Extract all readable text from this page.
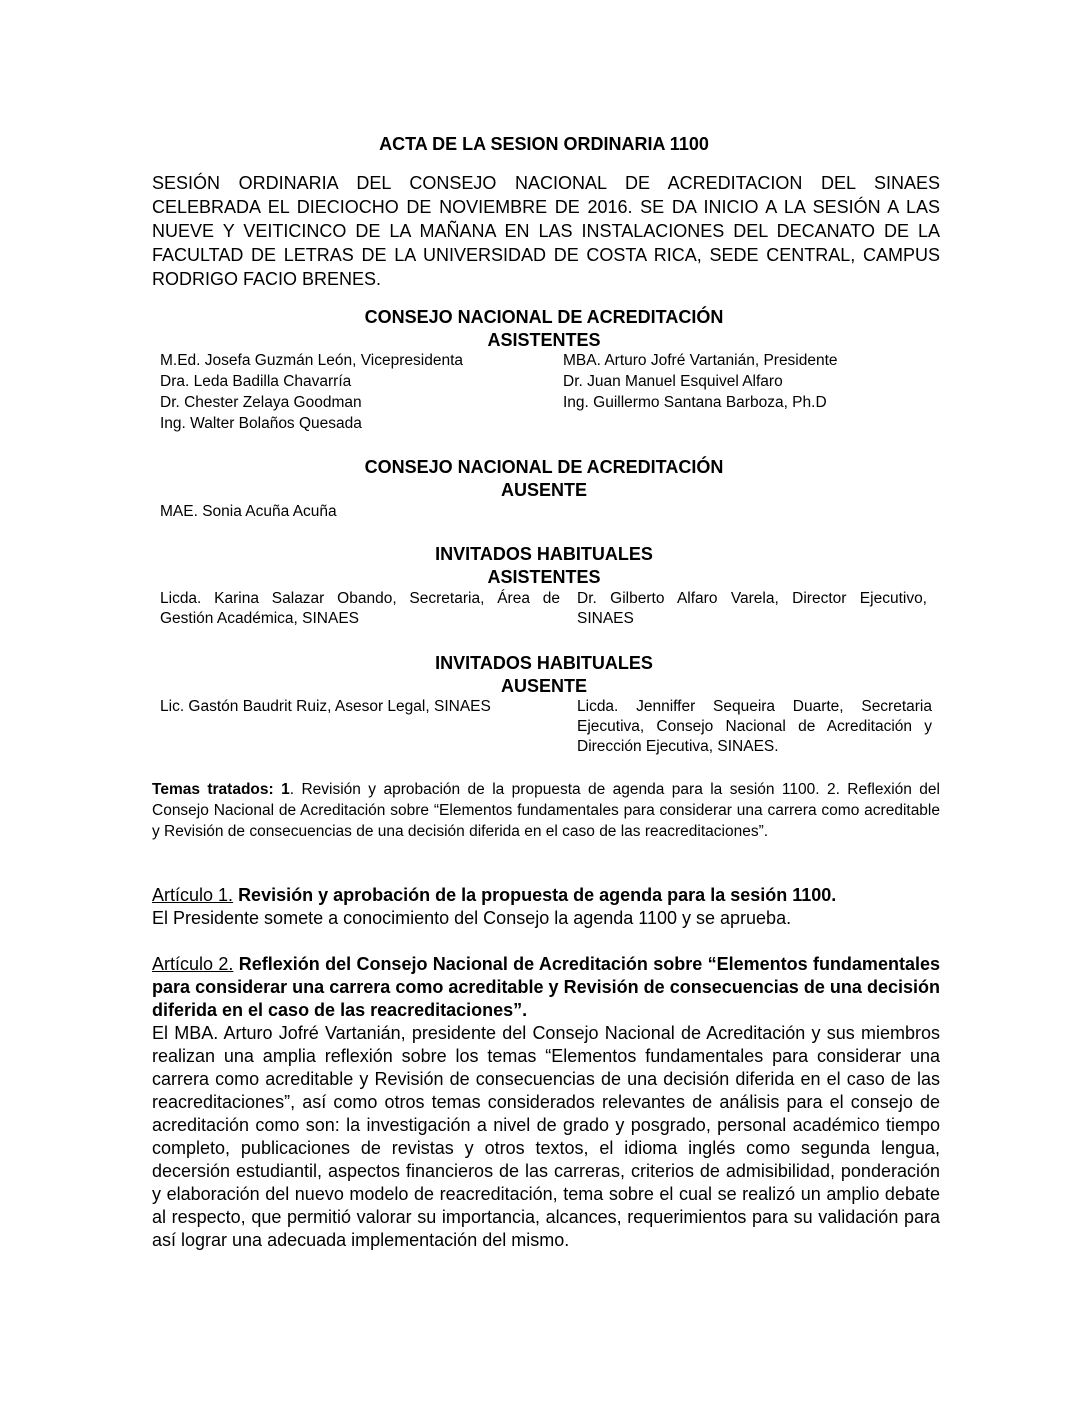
ACTA DE LA SESION ORDINARIA 1100
SESIÓN ORDINARIA DEL CONSEJO NACIONAL DE ACREDITACION DEL SINAES CELEBRADA EL DIECIOCHO DE NOVIEMBRE DE 2016. SE DA INICIO A LA SESIÓN A LAS NUEVE Y VEITICINCO DE LA MAÑANA EN LAS INSTALACIONES DEL DECANATO DE LA FACULTAD DE LETRAS DE LA UNIVERSIDAD DE COSTA RICA, SEDE CENTRAL, CAMPUS RODRIGO FACIO BRENES.
CONSEJO NACIONAL DE ACREDITACIÓN
ASISTENTES
M.Ed. Josefa Guzmán León, Vicepresidenta
Dra. Leda Badilla Chavarría
Dr. Chester Zelaya Goodman
Ing. Walter Bolaños Quesada
MBA. Arturo Jofré Vartanián, Presidente
Dr. Juan Manuel Esquivel Alfaro
Ing. Guillermo Santana Barboza, Ph.D
CONSEJO NACIONAL DE ACREDITACIÓN
AUSENTE
MAE. Sonia Acuña Acuña
INVITADOS HABITUALES
ASISTENTES
Licda. Karina Salazar Obando, Secretaria, Área de Gestión Académica, SINAES
Dr. Gilberto Alfaro Varela, Director Ejecutivo, SINAES
INVITADOS HABITUALES
AUSENTE
Lic. Gastón Baudrit Ruiz, Asesor Legal, SINAES	Licda. Jenniffer Sequeira Duarte, Secretaria Ejecutiva, Consejo Nacional de Acreditación y Dirección Ejecutiva, SINAES.
Temas tratados: 1. Revisión y aprobación de la propuesta de agenda para la sesión 1100. 2. Reflexión del Consejo Nacional de Acreditación sobre “Elementos fundamentales para considerar una carrera como acreditable y Revisión de consecuencias de una decisión diferida en el caso de las reacreditaciones”.
Artículo 1. Revisión y aprobación de la propuesta de agenda para la sesión 1100.
El Presidente somete a conocimiento del Consejo la agenda 1100 y se aprueba.
Artículo 2. Reflexión del Consejo Nacional de Acreditación sobre “Elementos fundamentales para considerar una carrera como acreditable y Revisión de consecuencias de una decisión diferida en el caso de las reacreditaciones”.
El MBA. Arturo Jofré Vartanián, presidente del Consejo Nacional de Acreditación y sus miembros realizan una amplia reflexión sobre los temas “Elementos fundamentales para considerar una carrera como acreditable y Revisión de consecuencias de una decisión diferida en el caso de las reacreditaciones”, así como otros temas considerados relevantes de análisis para el consejo de acreditación como son: la investigación a nivel de grado y posgrado, personal académico tiempo completo, publicaciones de revistas y otros textos, el idioma inglés como segunda lengua, decersión estudiantil, aspectos financieros de las carreras, criterios de admisibilidad, ponderación y elaboración del nuevo modelo de reacreditación, tema sobre el cual se realizó un amplio debate al respecto, que permitió valorar su importancia, alcances, requerimientos para su validación para así lograr una adecuada implementación del mismo.
